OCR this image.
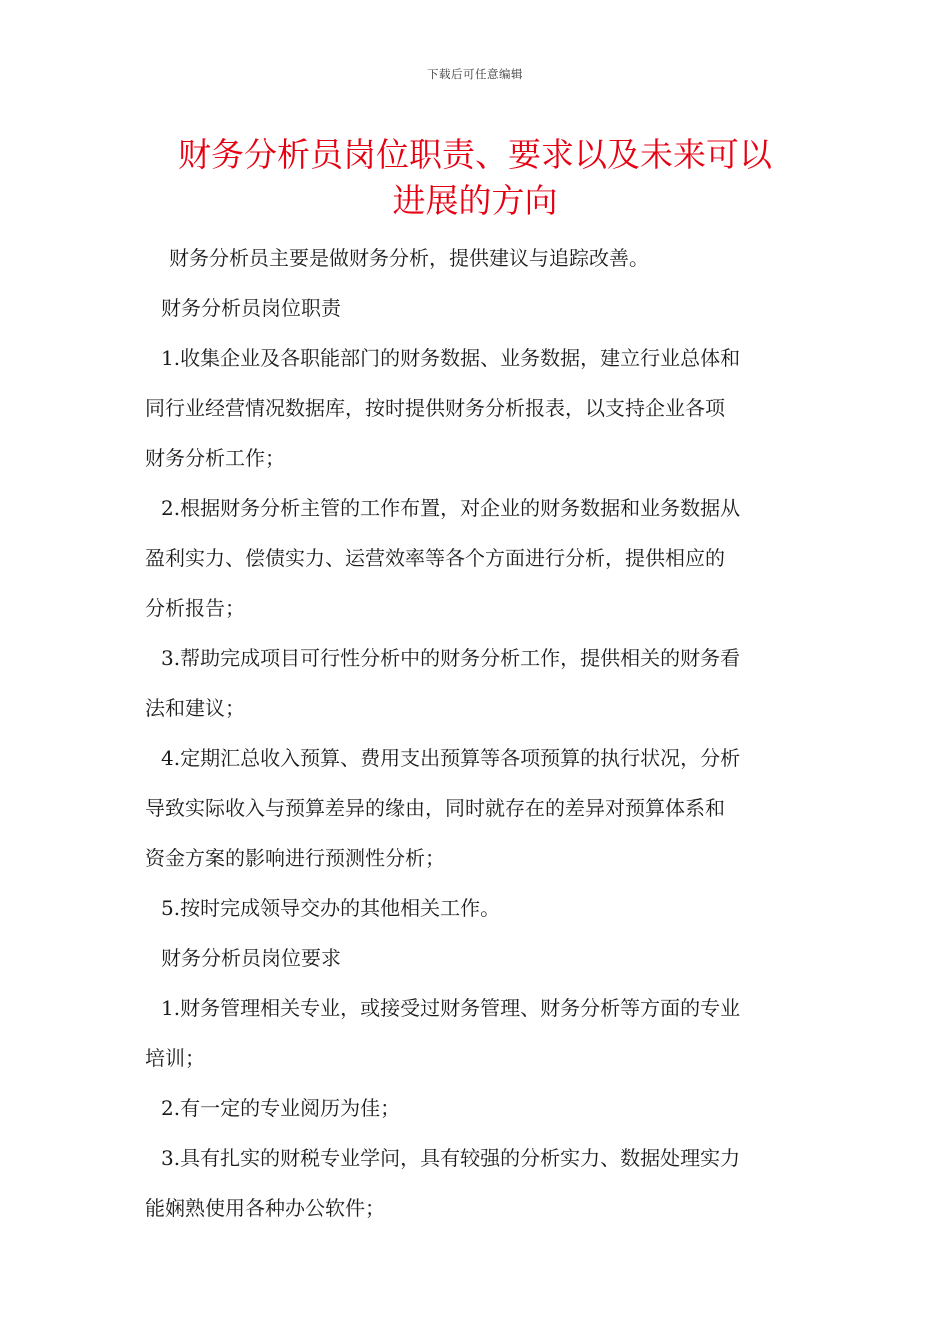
下载后可任意编辑
财务分析员岗位职责、要求以及未来可以
进展的方向
财务分析员主要是做财务分析，提供建议与追踪改善。
财务分析员岗位职责
1.收集企业及各职能部门的财务数据、业务数据，建立行业总体和
同行业经营情况数据库，按时提供财务分析报表，以支持企业各项
财务分析工作；
2.根据财务分析主管的工作布置，对企业的财务数据和业务数据从
盈利实力、偿债实力、运营效率等各个方面进行分析，提供相应的
分析报告；
3.帮助完成项目可行性分析中的财务分析工作，提供相关的财务看
法和建议；
4.定期汇总收入预算、费用支出预算等各项预算的执行状况，分析
导致实际收入与预算差异的缘由，同时就存在的差异对预算体系和
资金方案的影响进行预测性分析；
5.按时完成领导交办的其他相关工作。
财务分析员岗位要求
1.财务管理相关专业，或接受过财务管理、财务分析等方面的专业
培训；
2.有一定的专业阅历为佳；
3.具有扎实的财税专业学问，具有较强的分析实力、数据处理实力
能娴熟使用各种办公软件；
